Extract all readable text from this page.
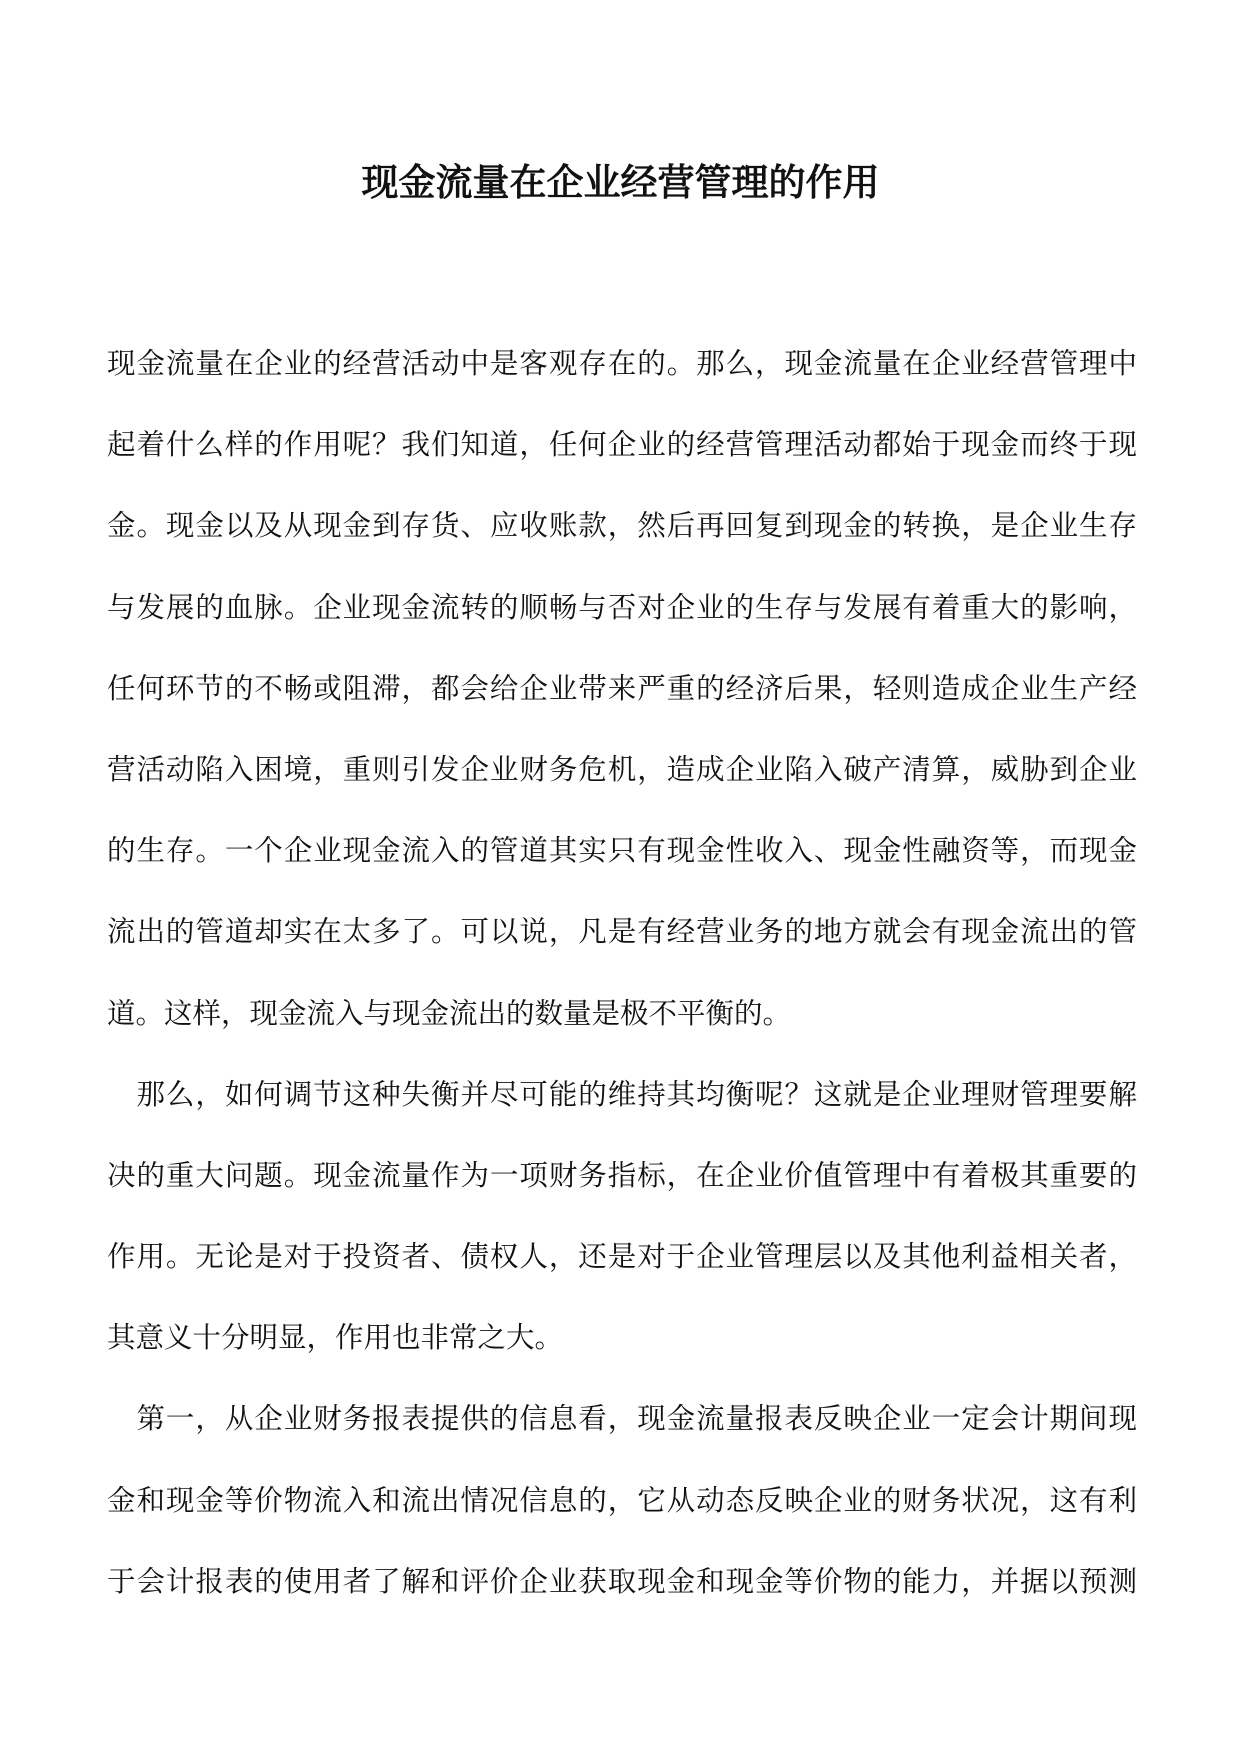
现金流量在企业经营管理的作用
现金流量在企业的经营活动中是客观存在的。那么，现金流量在企业经营管理中
起着什么样的作用呢？我们知道，任何企业的经营管理活动都始于现金而终于现
金。现金以及从现金到存货、应收账款，然后再回复到现金的转换，是企业生存
与发展的血脉。企业现金流转的顺畅与否对企业的生存与发展有着重大的影响，
任何环节的不畅或阻滞，都会给企业带来严重的经济后果，轻则造成企业生产经
营活动陷入困境，重则引发企业财务危机，造成企业陷入破产清算，威胁到企业
的生存。一个企业现金流入的管道其实只有现金性收入、现金性融资等，而现金
流出的管道却实在太多了。可以说，凡是有经营业务的地方就会有现金流出的管
道。这样，现金流入与现金流出的数量是极不平衡的。
　那么，如何调节这种失衡并尽可能的维持其均衡呢？这就是企业理财管理要解
决的重大问题。现金流量作为一项财务指标，在企业价值管理中有着极其重要的
作用。无论是对于投资者、债权人，还是对于企业管理层以及其他利益相关者，
其意义十分明显，作用也非常之大。
　第一，从企业财务报表提供的信息看，现金流量报表反映企业一定会计期间现
金和现金等价物流入和流出情况信息的，它从动态反映企业的财务状况，这有利
于会计报表的使用者了解和评价企业获取现金和现金等价物的能力，并据以预测
